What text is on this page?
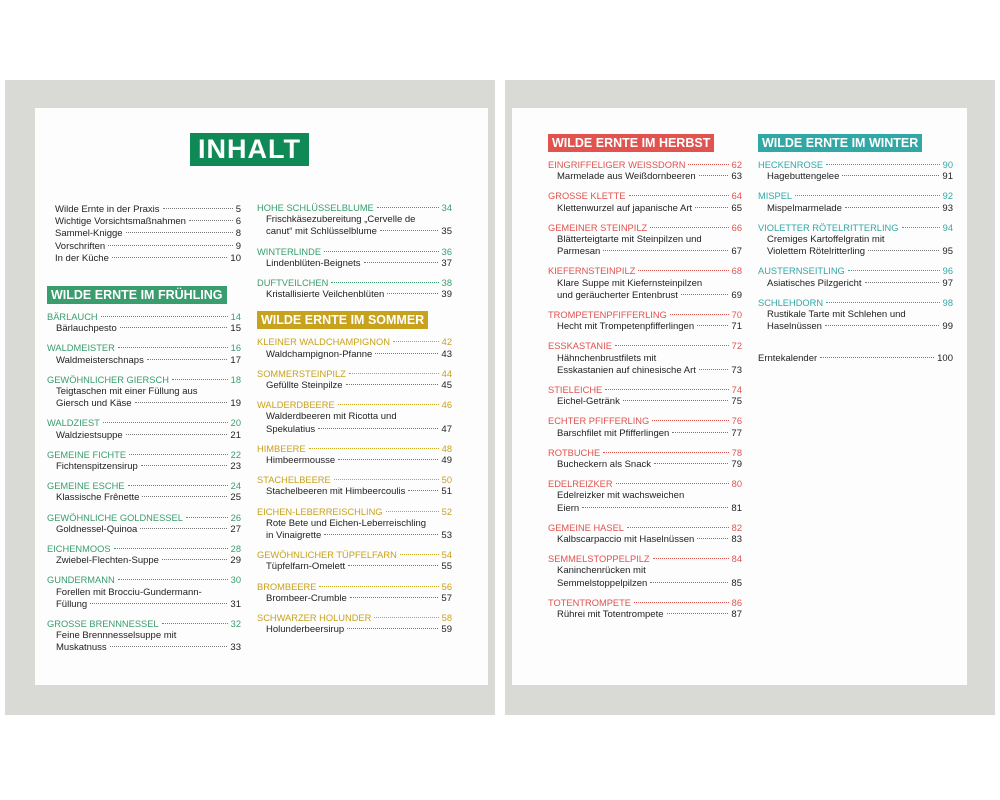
INHALT
Wilde Ernte in der Praxis	5
Wichtige Vorsichtsmaßnahmen	6
Sammel-Knigge	8
Vorschriften	9
In der Küche	10
WILDE ERNTE IM FRÜHLING
BÄRLAUCH	14
Bärlauchpesto	15
WALDMEISTER	16
Waldmeisterschnaps	17
GEWÖHNLICHER GIERSCH	18
Teigtaschen mit einer Füllung aus
Giersch und Käse	19
WALDZIEST	20
Waldziestsuppe	21
GEMEINE FICHTE	22
Fichtenspitzensirup	23
GEMEINE ESCHE	24
Klassische Frênette	25
GEWÖHNLICHE GOLDNESSEL	26
Goldnessel-Quinoa	27
EICHENMOOS	28
Zwiebel-Flechten-Suppe	29
GUNDERMANN	30
Forellen mit Brocciu-Gundermann-
Füllung	31
GROSSE BRENNNESSEL	32
Feine Brennnesselsuppe mit
Muskatnuss	33
HOHE SCHLÜSSELBLUME	34
Frischkäsezubereitung „Cervelle de
canut“ mit Schlüsselblume	35
WINTERLINDE	36
Lindenblüten-Beignets	37
DUFTVEILCHEN	38
Kristallisierte Veilchenblüten	39
WILDE ERNTE IM SOMMER
KLEINER WALDCHAMPIGNON	42
Waldchampignon-Pfanne	43
SOMMERSTEINPILZ	44
Gefüllte Steinpilze	45
WALDERDBEERE	46
Walderdbeeren mit Ricotta und
Spekulatius	47
HIMBEERE	48
Himbeermousse	49
STACHELBEERE	50
Stachelbeeren mit Himbeercoulis	51
EICHEN-LEBERREISCHLING	52
Rote Bete und Eichen-Leberreischling
in Vinaigrette	53
GEWÖHNLICHER TÜPFELFARN	54
Tüpfelfarn-Omelett	55
BROMBEERE	56
Brombeer-Crumble	57
SCHWARZER HOLUNDER	58
Holunderbeersirup	59
WILDE ERNTE IM HERBST
EINGRIFFELIGER WEISSDORN	62
Marmelade aus Weißdornbeeren	63
GROSSE KLETTE	64
Klettenwurzel auf japanische Art	65
GEMEINER STEINPILZ	66
Blätterteigtarte mit Steinpilzen und
Parmesan	67
KIEFERNSTEINPILZ	68
Klare Suppe mit Kiefernsteinpilzen
und geräucherter Entenbrust	69
TROMPETENPFIFFERLING	70
Hecht mit Trompetenpfifferlingen	71
ESSKASTANIE	72
Hähnchenbrustfilets mit
Esskastanien auf chinesische Art	73
STIELEICHE	74
Eichel-Getränk	75
ECHTER PFIFFERLING	76
Barschfilet mit Pfifferlingen	77
ROTBUCHE	78
Bucheckern als Snack	79
EDELREIZKER	80
Edelreizker mit wachsweichen
Eiern	81
GEMEINE HASEL	82
Kalbscarpaccio mit Haselnüssen	83
SEMMELSTOPPELPILZ	84
Kaninchenrücken mit
Semmelstoppelpilzen	85
TOTENTROMPETE	86
Rührei mit Totentrompete	87
WILDE ERNTE IM WINTER
HECKENROSE	90
Hagebuttengelee	91
MISPEL	92
Mispelmarmelade	93
VIOLETTER RÖTELRITTERLING	94
Cremiges Kartoffelgratin mit
Violettem Rötelritterling	95
AUSTERNSEITLING	96
Asiatisches Pilzgericht	97
SCHLEHDORN	98
Rustikale Tarte mit Schlehen und
Haselnüssen	99
Erntekalender	100
